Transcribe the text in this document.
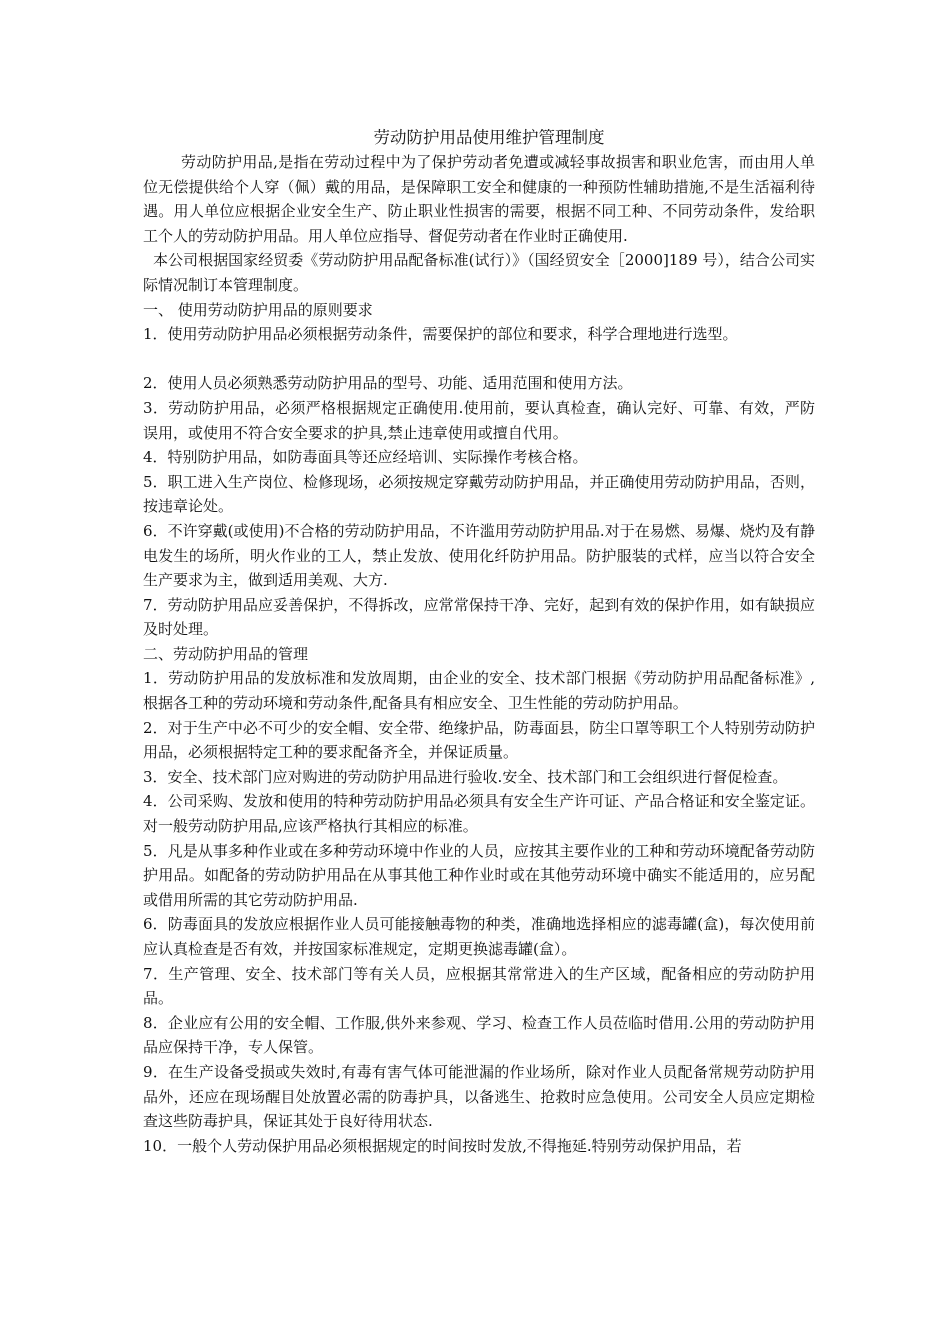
劳动防护用品使用维护管理制度

劳动防护用品,是指在劳动过程中为了保护劳动者免遭或减轻事故损害和职业危害，而由用人单位无偿提供给个人穿（佩）戴的用品，是保障职工安全和健康的一种预防性辅助措施,不是生活福利待遇。用人单位应根据企业安全生产、防止职业性损害的需要，根据不同工种、不同劳动条件，发给职工个人的劳动防护用品。用人单位应指导、督促劳动者在作业时正确使用.

本公司根据国家经贸委《劳动防护用品配备标准(试行）》（国经贸安全［2000]189 号），结合公司实际情况制订本管理制度。

一、 使用劳动防护用品的原则要求

1．使用劳动防护用品必须根据劳动条件，需要保护的部位和要求，科学合理地进行选型。

2．使用人员必须熟悉劳动防护用品的型号、功能、适用范围和使用方法。

3．劳动防护用品，必须严格根据规定正确使用.使用前，要认真检查，确认完好、可靠、有效，严防误用，或使用不符合安全要求的护具,禁止违章使用或擅自代用。

4．特别防护用品，如防毒面具等还应经培训、实际操作考核合格。

5．职工进入生产岗位、检修现场，必须按规定穿戴劳动防护用品，并正确使用劳动防护用品，否则，按违章论处。

6．不许穿戴(或使用)不合格的劳动防护用品，不许滥用劳动防护用品.对于在易燃、易爆、烧灼及有静电发生的场所，明火作业的工人，禁止发放、使用化纤防护用品。防护服装的式样，应当以符合安全生产要求为主，做到适用美观、大方.

7．劳动防护用品应妥善保护，不得拆改，应常常保持干净、完好，起到有效的保护作用，如有缺损应及时处理。

二、劳动防护用品的管理

1．劳动防护用品的发放标准和发放周期，由企业的安全、技术部门根据《劳动防护用品配备标准》,根据各工种的劳动环境和劳动条件,配备具有相应安全、卫生性能的劳动防护用品。

2．对于生产中必不可少的安全帽、安全带、绝缘护品，防毒面县，防尘口罩等职工个人特别劳动防护用品，必须根据特定工种的要求配备齐全，并保证质量。

3．安全、技术部门应对购进的劳动防护用品进行验收.安全、技术部门和工会组织进行督促检查。

4．公司采购、发放和使用的特种劳动防护用品必须具有安全生产许可证、产品合格证和安全鉴定证。对一般劳动防护用品,应该严格执行其相应的标准。

5．凡是从事多种作业或在多种劳动环境中作业的人员，应按其主要作业的工种和劳动环境配备劳动防护用品。如配备的劳动防护用品在从事其他工种作业时或在其他劳动环境中确实不能适用的，应另配或借用所需的其它劳动防护用品.

6．防毒面具的发放应根据作业人员可能接触毒物的种类，准确地选择相应的滤毒罐(盒)，每次使用前应认真检查是否有效，并按国家标准规定，定期更换滤毒罐(盒）。

7．生产管理、安全、技术部门等有关人员，应根据其常常进入的生产区域，配备相应的劳动防护用品。

8．企业应有公用的安全帽、工作服,供外来参观、学习、检查工作人员莅临时借用.公用的劳动防护用品应保持干净，专人保管。

9．在生产设备受损或失效时,有毒有害气体可能泄漏的作业场所，除对作业人员配备常规劳动防护用品外，还应在现场醒目处放置必需的防毒护具，以备逃生、抢救时应急使用。公司安全人员应定期检查这些防毒护具，保证其处于良好待用状态.

10．一般个人劳动保护用品必须根据规定的时间按时发放,不得拖延.特别劳动保护用品，若
